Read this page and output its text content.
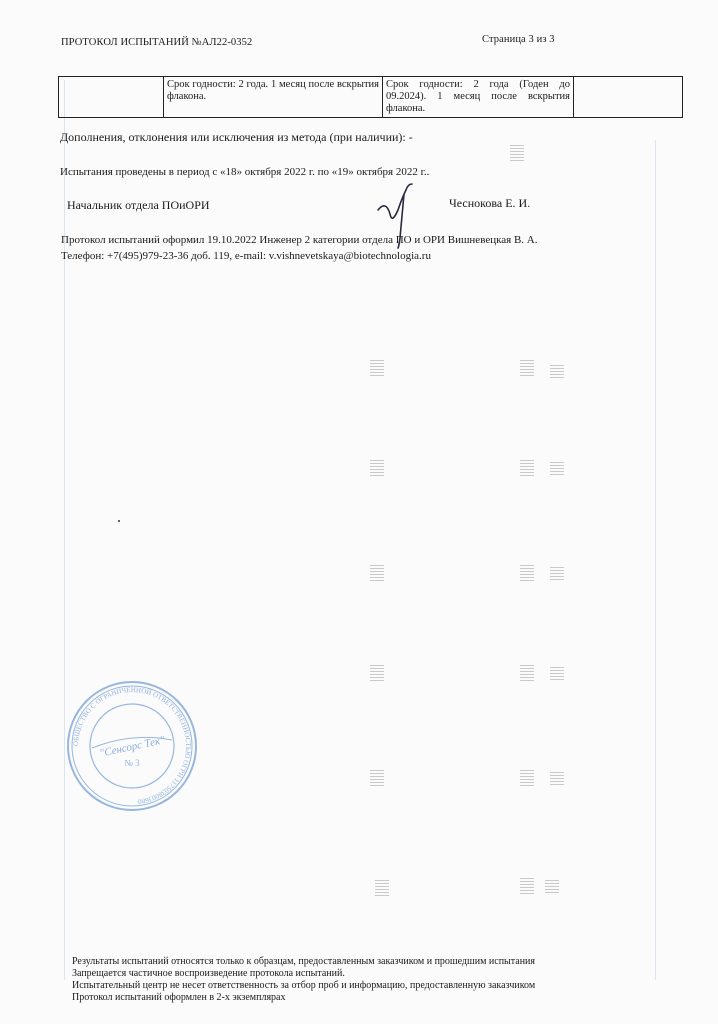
ПРОТОКОЛ ИСПЫТАНИЙ №АЛ22-0352	Страница 3 из 3
	Срок годности: 2 года. 1 месяц после вскрытия флакона.	Срок годности: 2 года (Годен до 09.2024). 1 месяц после вскрытия флакона.	
Дополнения, отклонения или исключения из метода (при наличии): -
Испытания проведены в период с «18» октября 2022 г. по «19» октября 2022 г..
Начальник отдела ПОиОРИ	Чеснокова Е. И.
Протокол испытаний оформил 19.10.2022 Инженер 2 категории отдела ПО и ОРИ Вишневецкая В. А.
Телефон: +7(495)979-23-36 доб. 119, e-mail: v.vishnevetskaya@biotechnologia.ru
ОБЩЕСТВО С ОГРАНИЧЕННОЙ ОТВЕТСТВЕННОСТЬЮ ОГРН 1175038003680
"Сенсорс Тек"
№ 3
Результаты испытаний относятся только к образцам, предоставленным заказчиком и прошедшим испытания
Запрещается частичное воспроизведение протокола испытаний.
Испытательный центр не несет ответственность за отбор проб и информацию, предоставленную заказчиком
Протокол испытаний оформлен в 2-х экземплярах
